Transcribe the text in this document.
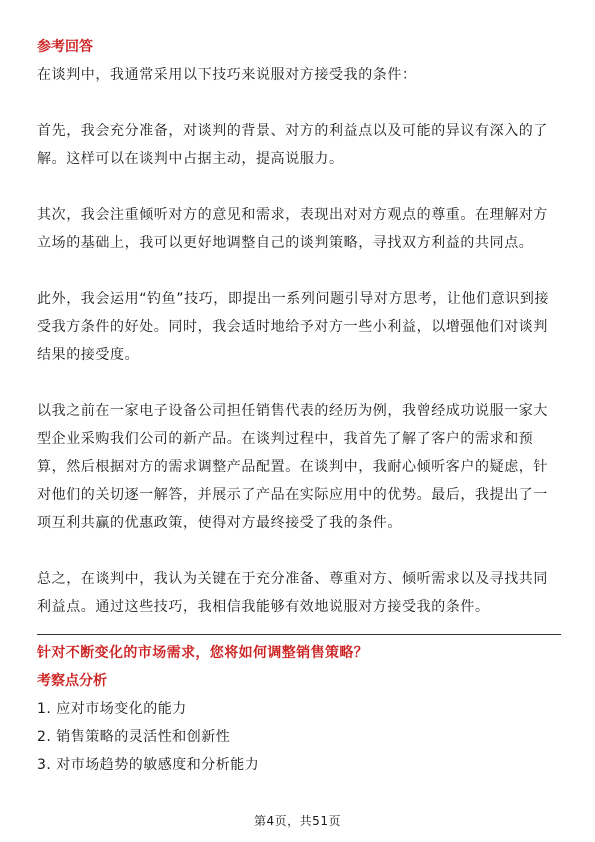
参考回答

在谈判中，我通常采用以下技巧来说服对方接受我的条件：

首先，我会充分准备，对谈判的背景、对方的利益点以及可能的异议有深入的了解。这样可以在谈判中占据主动，提高说服力。

其次，我会注重倾听对方的意见和需求，表现出对对方观点的尊重。在理解对方立场的基础上，我可以更好地调整自己的谈判策略，寻找双方利益的共同点。

此外，我会运用“钓鱼”技巧，即提出一系列问题引导对方思考，让他们意识到接受我方条件的好处。同时，我会适时地给予对方一些小利益，以增强他们对谈判结果的接受度。

以我之前在一家电子设备公司担任销售代表的经历为例，我曾经成功说服一家大型企业采购我们公司的新产品。在谈判过程中，我首先了解了客户的需求和预算，然后根据对方的需求调整产品配置。在谈判中，我耐心倾听客户的疑虑，针对他们的关切逐一解答，并展示了产品在实际应用中的优势。最后，我提出了一项互利共赢的优惠政策，使得对方最终接受了我的条件。

总之，在谈判中，我认为关键在于充分准备、尊重对方、倾听需求以及寻找共同利益点。通过这些技巧，我相信我能够有效地说服对方接受我的条件。

针对不断变化的市场需求，您将如何调整销售策略？
考察点分析
1. 应对市场变化的能力
2. 销售策略的灵活性和创新性
3. 对市场趋势的敏感度和分析能力
第4页，共51页
